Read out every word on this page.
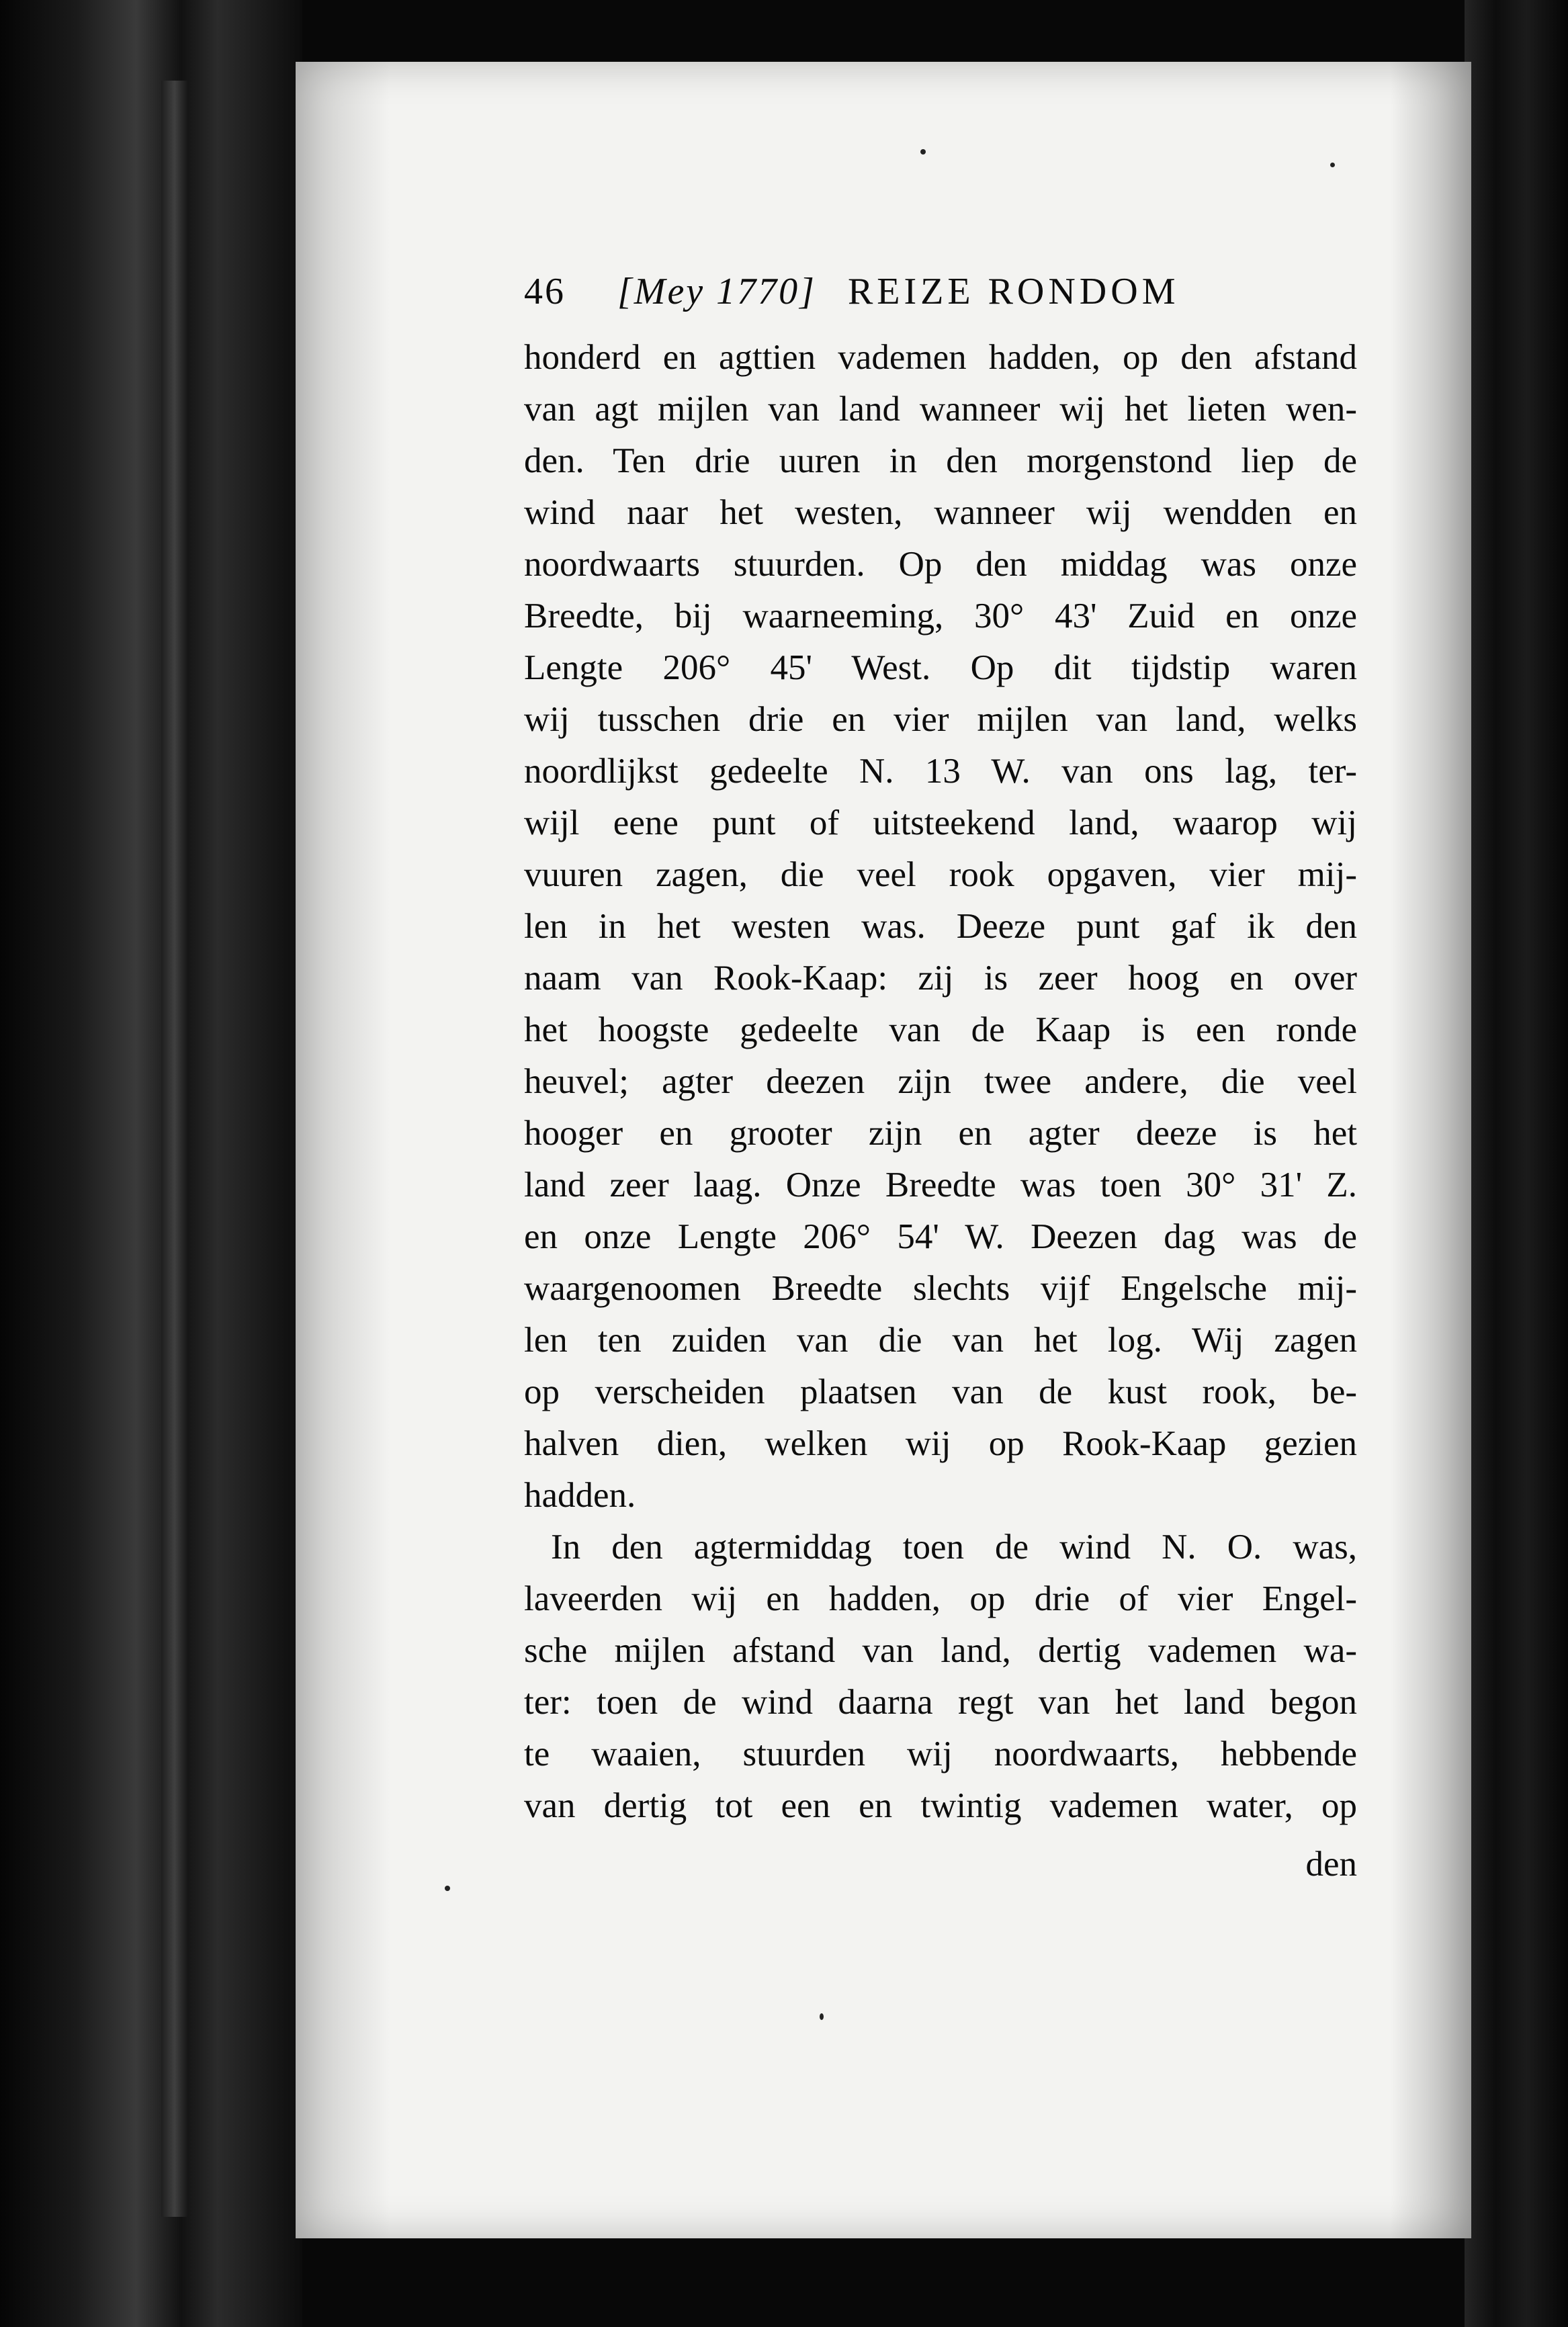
46 [Mey 1770] REIZE RONDOM
honderd en agttien vademen hadden, op den afstand
van agt mijlen van land wanneer wij het lieten wen-
den. Ten drie uuren in den morgenstond liep de
wind naar het westen, wanneer wij wendden en
noordwaarts stuurden. Op den middag was onze
Breedte, bij waarneeming, 30° 43' Zuid en onze
Lengte 206° 45' West. Op dit tijdstip waren
wij tusschen drie en vier mijlen van land, welks
noordlijkst gedeelte N. 13 W. van ons lag, ter-
wijl eene punt of uitsteekend land, waarop wij
vuuren zagen, die veel rook opgaven, vier mij-
len in het westen was. Deeze punt gaf ik den
naam van Rook-Kaap: zij is zeer hoog en over
het hoogste gedeelte van de Kaap is een ronde
heuvel; agter deezen zijn twee andere, die veel
hooger en grooter zijn en agter deeze is het
land zeer laag. Onze Breedte was toen 30° 31' Z.
en onze Lengte 206° 54' W. Deezen dag was de
waargenoomen Breedte slechts vijf Engelsche mij-
len ten zuiden van die van het log. Wij zagen
op verscheiden plaatsen van de kust rook, be-
halven dien, welken wij op Rook-Kaap gezien
hadden.
In den agtermiddag toen de wind N. O. was,
laveerden wij en hadden, op drie of vier Engel-
sche mijlen afstand van land, dertig vademen wa-
ter: toen de wind daarna regt van het land begon
te waaien, stuurden wij noordwaarts, hebbende
van dertig tot een en twintig vademen water, op
den
